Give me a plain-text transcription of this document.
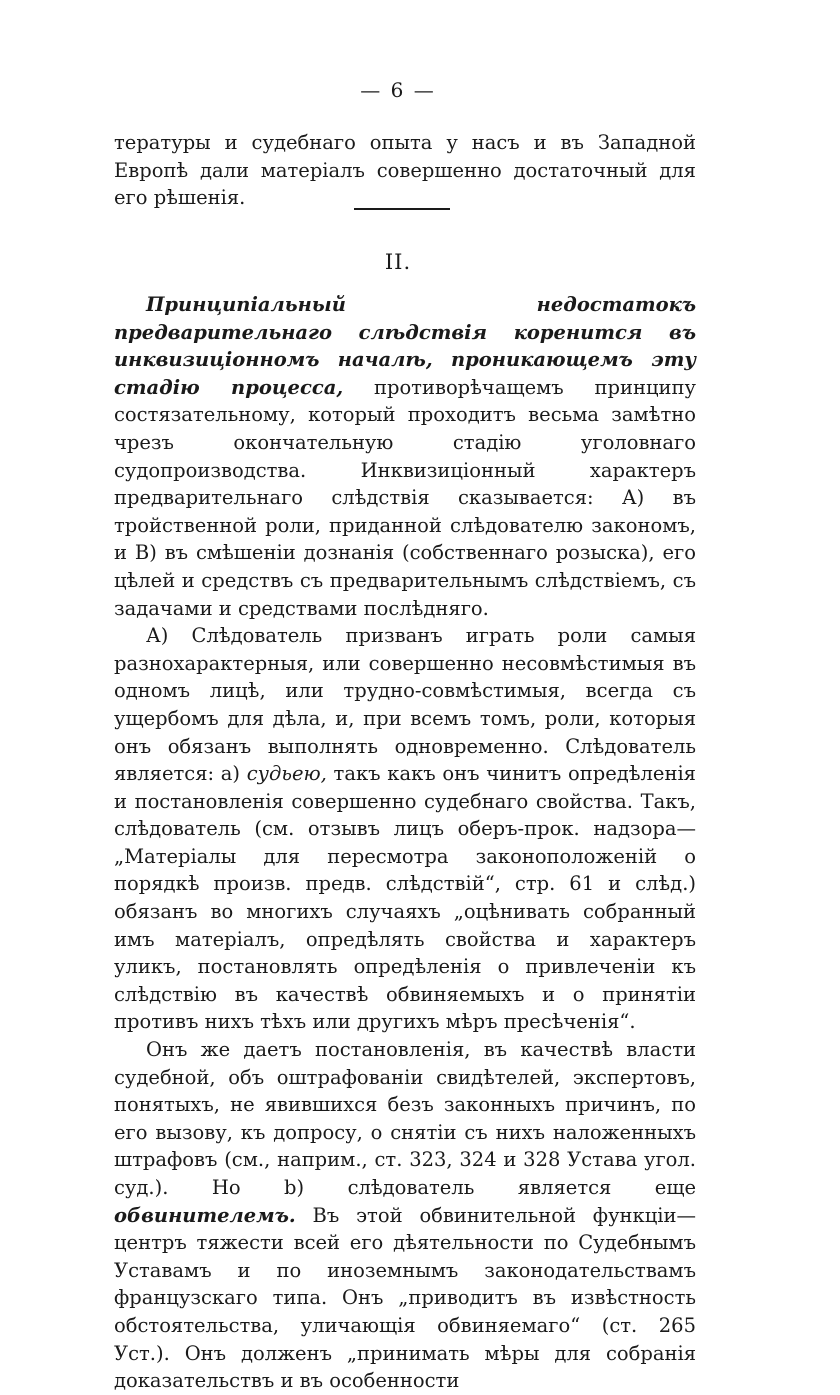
— 6 —
тературы и судебнаго опыта у насъ и въ Западной Европѣ дали матеріалъ совершенно достаточный для его рѣшенія.
II.

Принципіальный недостатокъ предварительнаго слѣдствія коренится въ инквизиціонномъ началѣ, проникающемъ эту стадію процесса, противорѣчащемъ принципу состязательному, который проходитъ весьма замѣтно чрезъ окончательную стадію уголовнаго судопроизводства. Инквизиціонный характеръ предварительнаго слѣдствія сказывается: А) въ тройственной роли, приданной слѣдователю закономъ, и В) въ смѣшеніи дознанія (собственнаго розыска), его цѣлей и средствъ съ предварительнымъ слѣдствіемъ, съ задачами и средствами послѣдняго.

А) Слѣдователь призванъ играть роли самыя разнохарактерныя, или совершенно несовмѣстимыя въ одномъ лицѣ, или трудно-совмѣстимыя, всегда съ ущербомъ для дѣла, и, при всемъ томъ, роли, которыя онъ обязанъ выполнять одновременно. Слѣдователь является: а) судьею, такъ какъ онъ чинитъ опредѣленія и постановленія совершенно судебнаго свойства. Такъ, слѣдователь (см. отзывъ лицъ оберъ-прок. надзора—„Матеріалы для пересмотра законоположеній о порядкѣ произв. предв. слѣдствій“, стр. 61 и слѣд.) обязанъ во многихъ случаяхъ „оцѣнивать собранный имъ матеріалъ, опредѣлять свойства и характеръ уликъ, постановлять опредѣленія о привлеченіи къ слѣдствію въ качествѣ обвиняемыхъ и о принятіи противъ нихъ тѣхъ или другихъ мѣръ пресѣченія“.

Онъ же даетъ постановленія, въ качествѣ власти судебной, объ оштрафованіи свидѣтелей, экспертовъ, понятыхъ, не явившихся безъ законныхъ причинъ, по его вызову, къ допросу, о снятіи съ нихъ наложенныхъ штрафовъ (см., наприм., ст. 323, 324 и 328 Устава угол. суд.). Но b) слѣдователь является еще обвинителемъ. Въ этой обвинительной функціи—центръ тяжести всей его дѣятельности по Судебнымъ Уставамъ и по иноземнымъ законодательствамъ французскаго типа. Онъ „приводитъ въ извѣстность обстоятельства, уличающія обвиняемаго“ (ст. 265 Уст.). Онъ долженъ „принимать мѣры для собранія доказательствъ и въ особенности
